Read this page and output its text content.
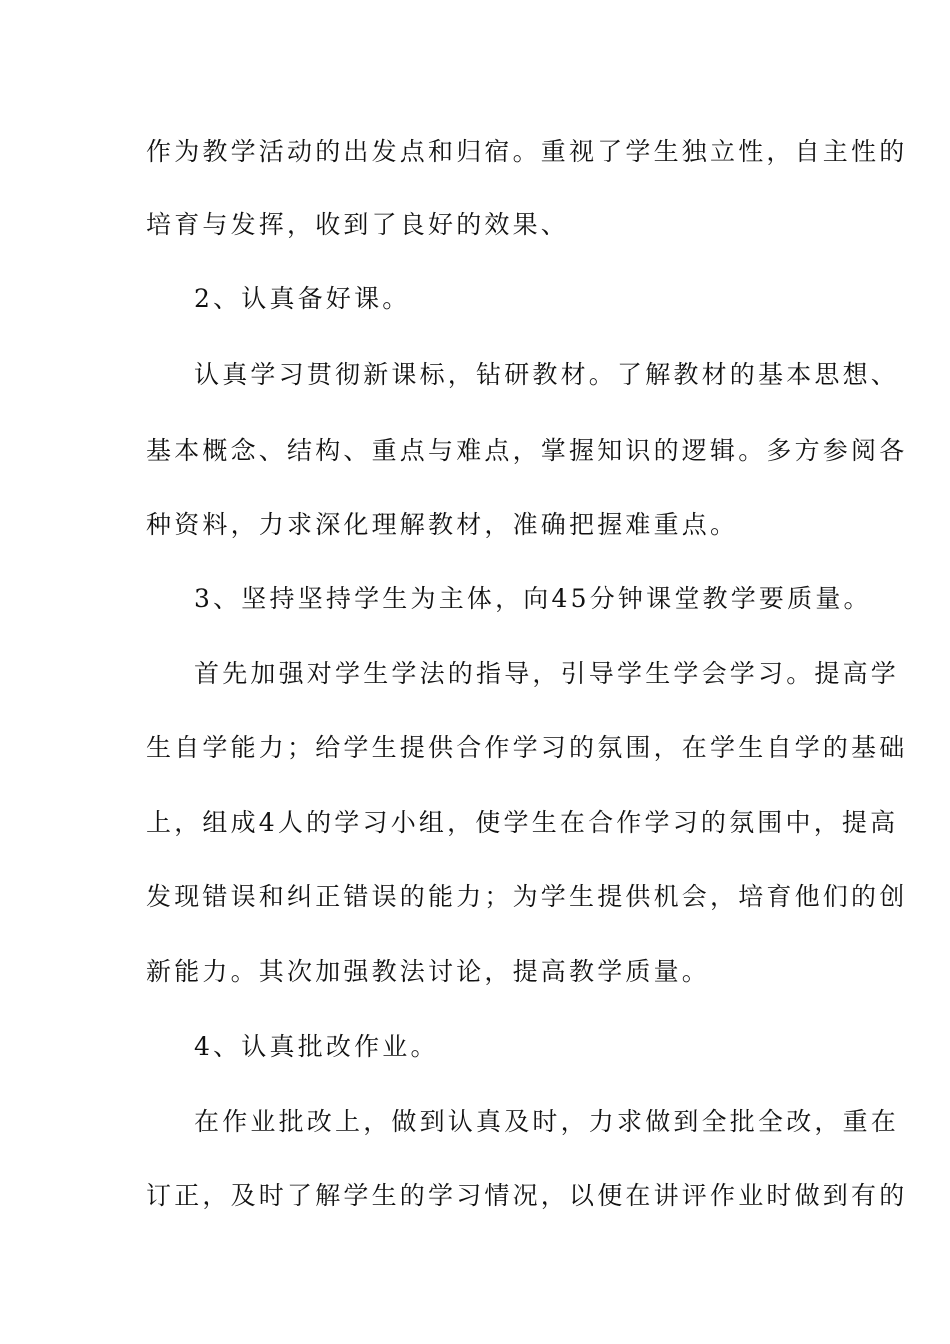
作为教学活动的出发点和归宿。重视了学生独立性，自主性的
培育与发挥，收到了良好的效果、
2、认真备好课。
认真学习贯彻新课标，钻研教材。了解教材的基本思想、
基本概念、结构、重点与难点，掌握知识的逻辑。多方参阅各
种资料，力求深化理解教材，准确把握难重点。
3、坚持坚持学生为主体，向45分钟课堂教学要质量。
首先加强对学生学法的指导，引导学生学会学习。提高学
生自学能力；给学生提供合作学习的氛围，在学生自学的基础
上，组成4人的学习小组，使学生在合作学习的氛围中，提高
发现错误和纠正错误的能力；为学生提供机会，培育他们的创
新能力。其次加强教法讨论，提高教学质量。
4、认真批改作业。
在作业批改上，做到认真及时，力求做到全批全改，重在
订正，及时了解学生的学习情况，以便在讲评作业时做到有的
